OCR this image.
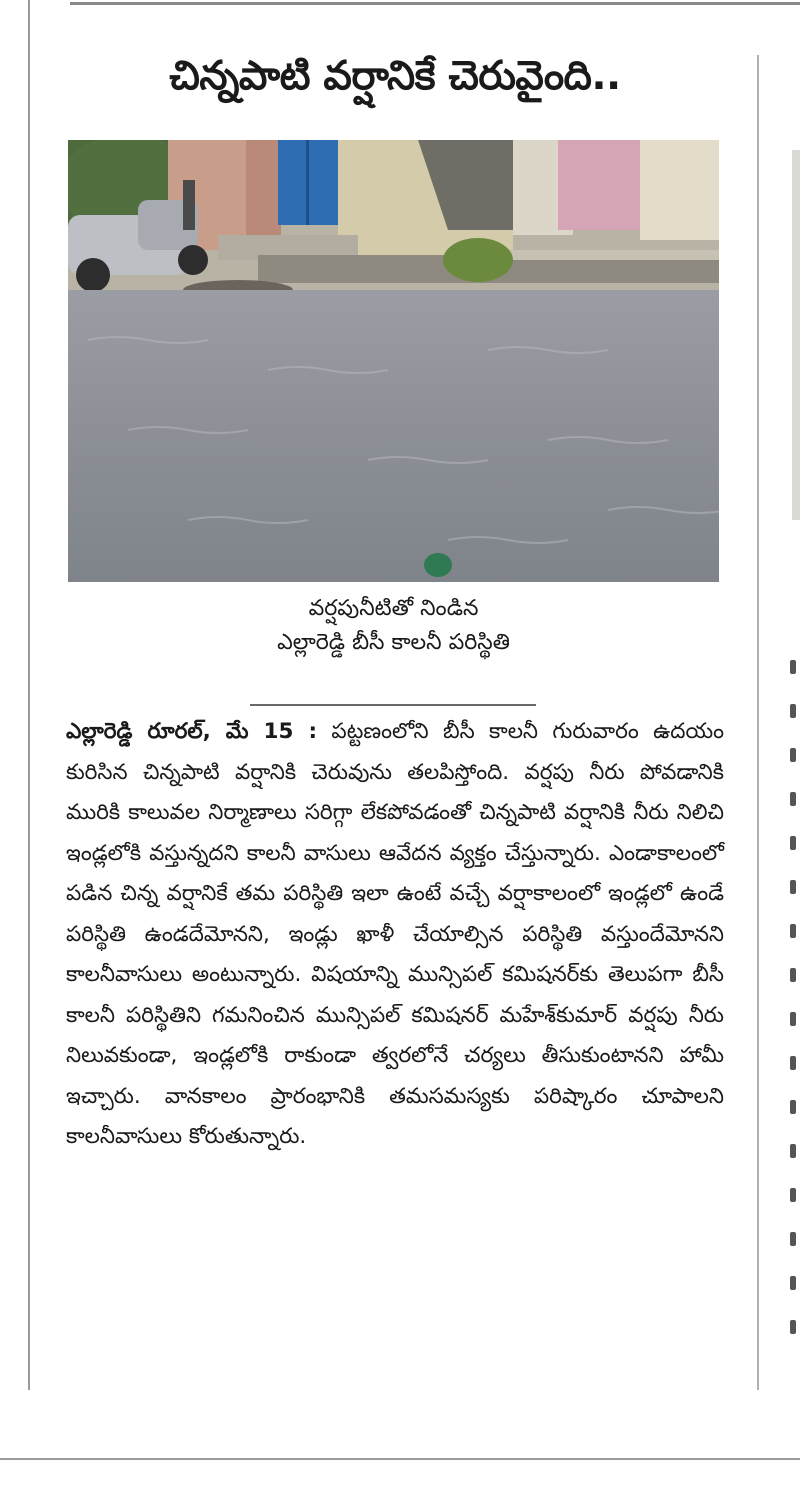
చిన్నపాటి వర్షానికే చెరువైంది..
వర్షపునీటితో నిండిన
ఎల్లారెడ్డి బీసీ కాలనీ పరిస్థితి

ఎల్లారెడ్డి రూరల్, మే 15 : పట్టణంలోని బీసీ కాలనీ గురువారం ఉదయం కురిసిన చిన్నపాటి వర్షానికి చెరువును తలపిస్తోంది. వర్షపు నీరు పోవడానికి మురికి కాలువల నిర్మాణాలు సరిగ్గా లేకపోవడంతో చిన్నపాటి వర్షానికి నీరు నిలిచి ఇండ్లలోకి వస్తున్నదని కాలనీ వాసులు ఆవేదన వ్యక్తం చేస్తున్నారు. ఎండాకాలంలో పడిన చిన్న వర్షానికే తమ పరిస్థితి ఇలా ఉంటే వచ్చే వర్షాకాలంలో ఇండ్లలో ఉండే పరిస్థితి ఉండదేమోనని, ఇండ్లు ఖాళీ చేయాల్సిన పరిస్థితి వస్తుందేమోనని కాలనీవాసులు అంటున్నారు. విషయాన్ని మున్సిపల్ కమిషనర్‌కు తెలుపగా బీసీ కాలనీ పరిస్థితిని గమనించిన మున్సిపల్ కమిషనర్ మహేశ్‌కుమార్ వర్షపు నీరు నిలువకుండా, ఇండ్లలోకి రాకుండా త్వరలోనే చర్యలు తీసుకుంటానని హామీ ఇచ్చారు. వానకాలం ప్రారంభానికి తమసమస్యకు పరిష్కారం చూపాలని కాలనీవాసులు కోరుతున్నారు.
